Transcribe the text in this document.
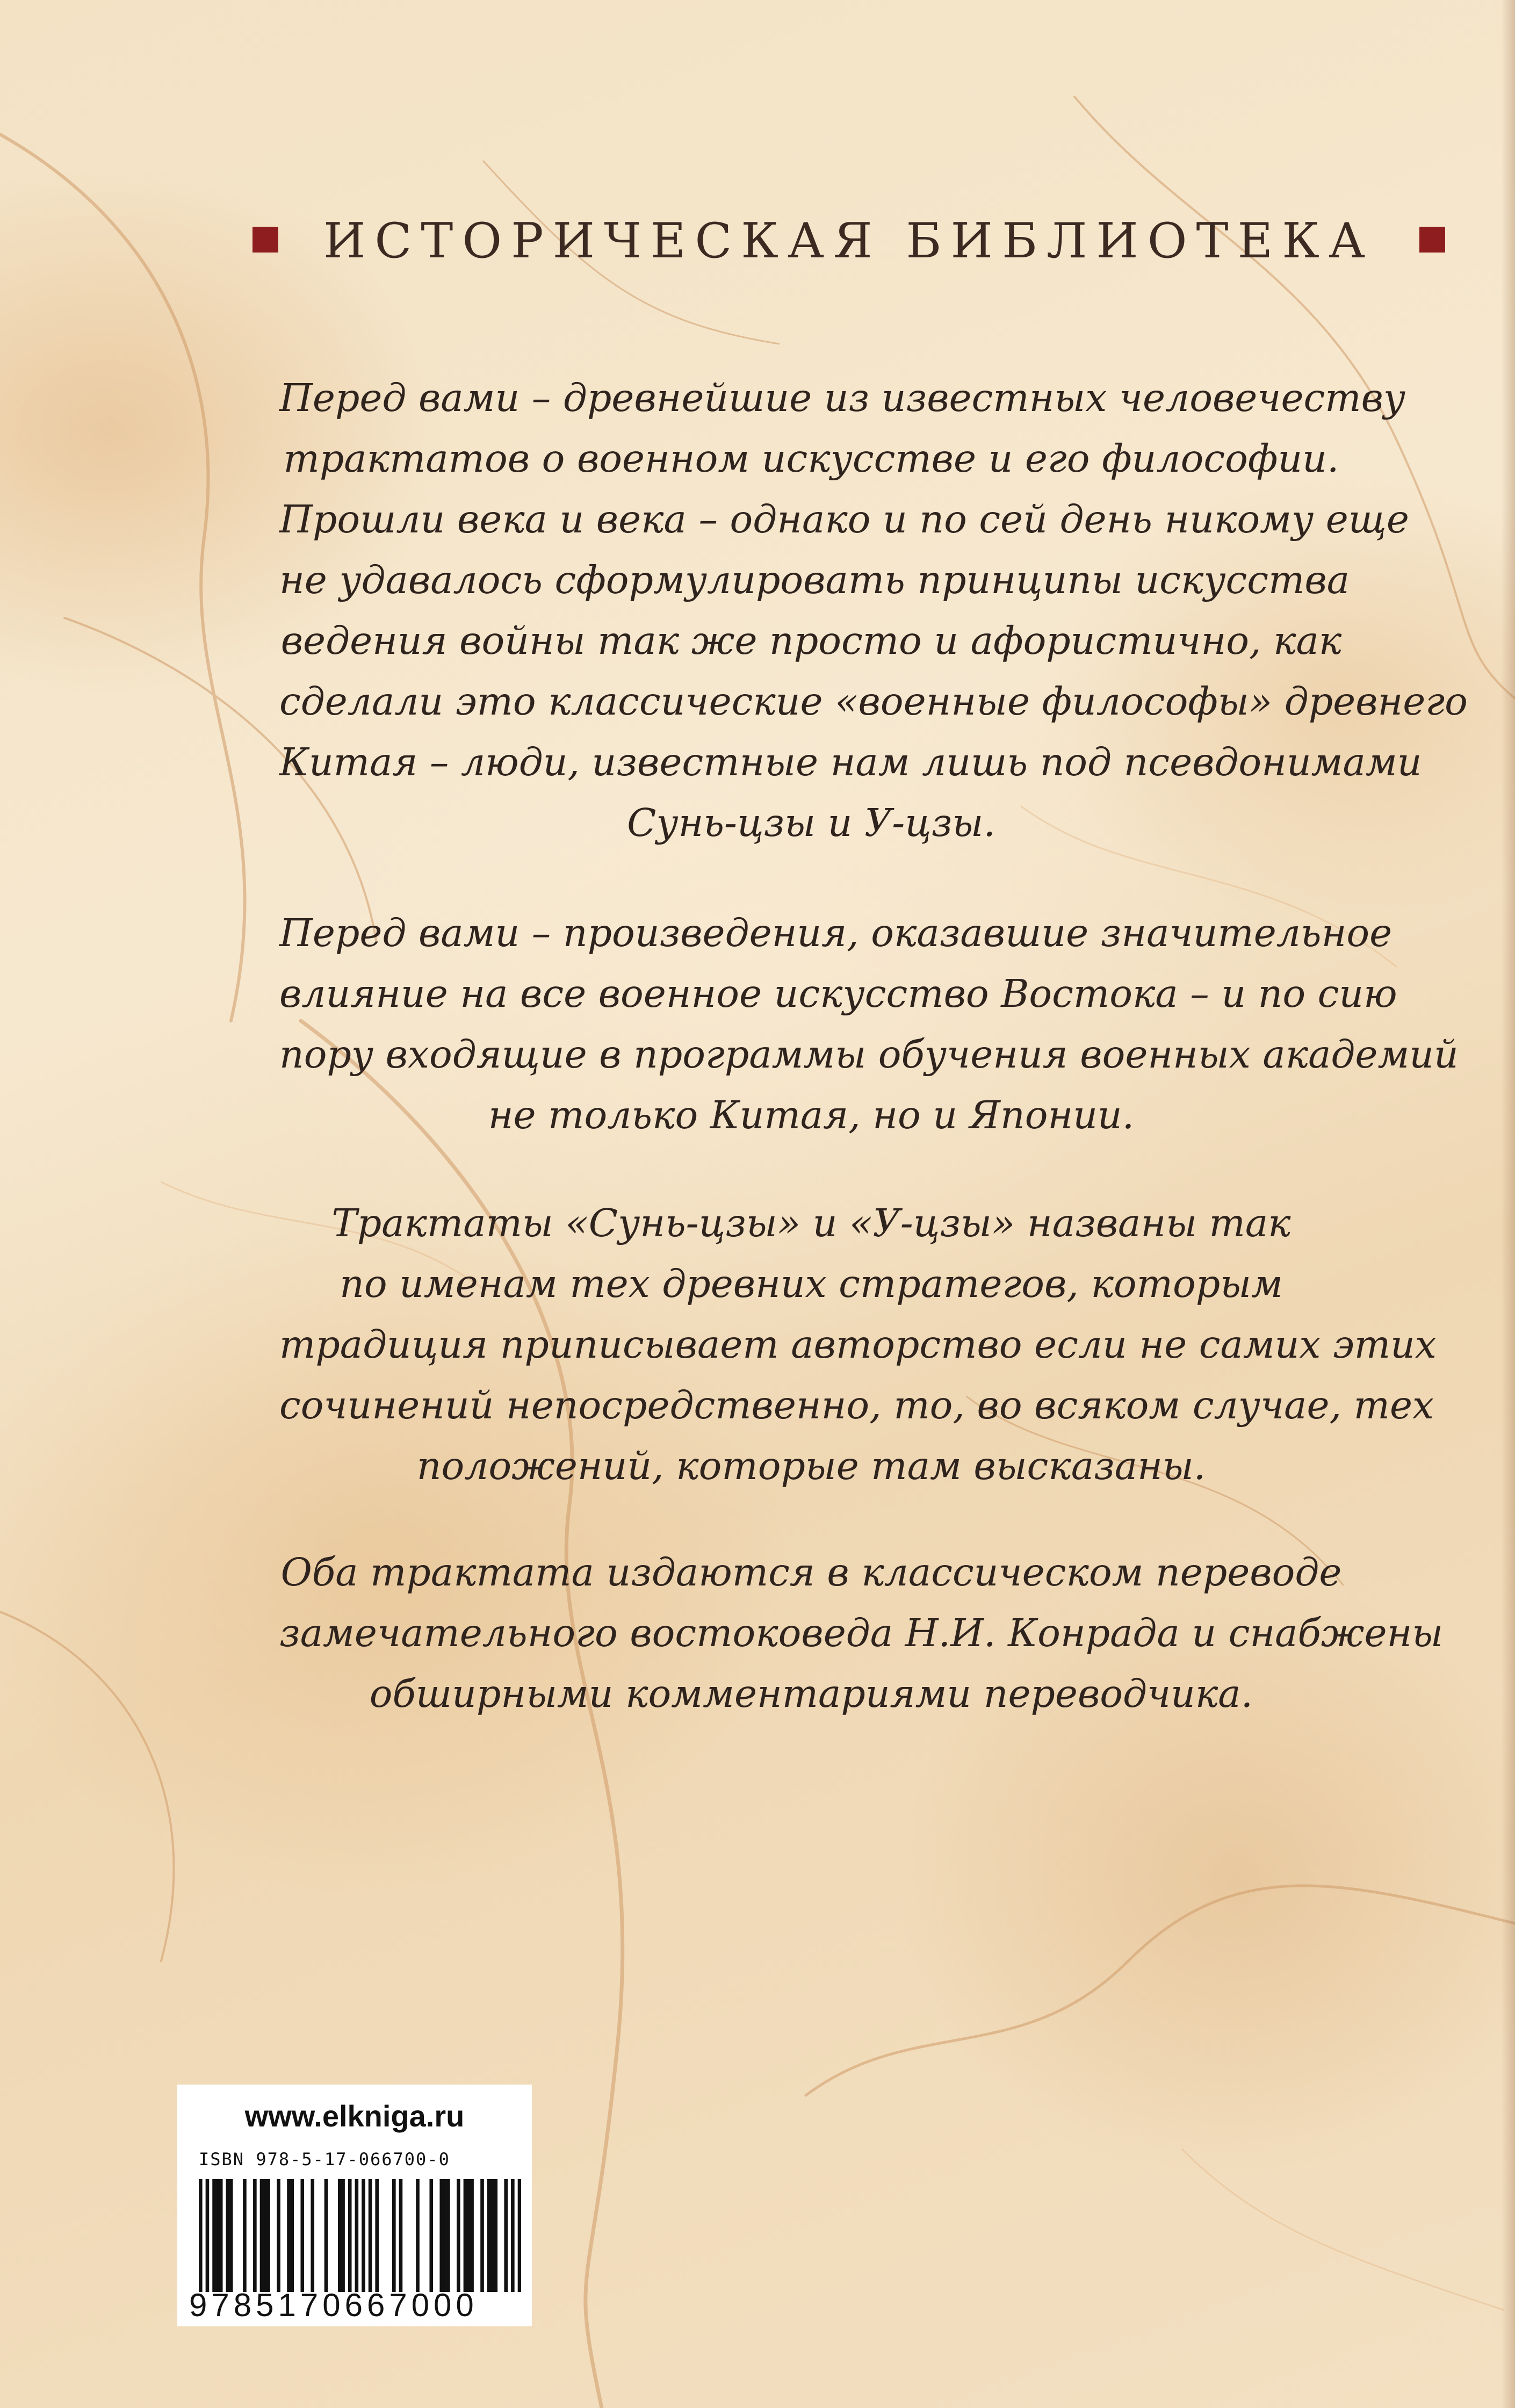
ИСТОРИЧЕСКАЯ БИБЛИОТЕКА

Перед вами – древнейшие из известных человечеству
трактатов о военном искусстве и его философии.
Прошли века и века – однако и по сей день никому еще
не удавалось сформулировать принципы искусства
ведения войны так же просто и афористично, как
сделали это классические «военные философы» древнего
Китая – люди, известные нам лишь под псевдонимами
Сунь-цзы и У-цзы.

Перед вами – произведения, оказавшие значительное
влияние на все военное искусство Востока – и по сию
пору входящие в программы обучения военных академий
не только Китая, но и Японии.

Трактаты «Сунь-цзы» и «У-цзы» названы так
по именам тех древних стратегов, которым
традиция приписывает авторство если не самих этих
сочинений непосредственно, то, во всяком случае, тех
положений, которые там высказаны.

Оба трактата издаются в классическом переводе
замечательного востоковеда Н.И. Конрада и снабжены
обширными комментариями переводчика.

www.elkniga.ru
ISBN 978-5-17-066700-0
9785170667000
